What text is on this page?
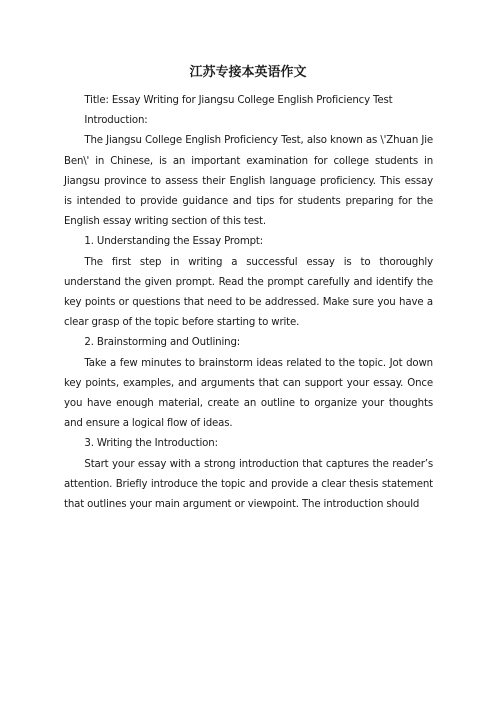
江苏专接本英语作文

Title: Essay Writing for Jiangsu College English Proficiency Test

Introduction:

The Jiangsu College English Proficiency Test, also known as \'Zhuan Jie Ben\' in Chinese, is an important examination for college students in Jiangsu province to assess their English language proficiency. This essay is intended to provide guidance and tips for students preparing for the English essay writing section of this test.

1. Understanding the Essay Prompt:

The first step in writing a successful essay is to thoroughly understand the given prompt. Read the prompt carefully and identify the key points or questions that need to be addressed. Make sure you have a clear grasp of the topic before starting to write.

2. Brainstorming and Outlining:

Take a few minutes to brainstorm ideas related to the topic. Jot down key points, examples, and arguments that can support your essay. Once you have enough material, create an outline to organize your thoughts and ensure a logical flow of ideas.

3. Writing the Introduction:

Start your essay with a strong introduction that captures the reader’s attention. Briefly introduce the topic and provide a clear thesis statement that outlines your main argument or viewpoint. The introduction should
